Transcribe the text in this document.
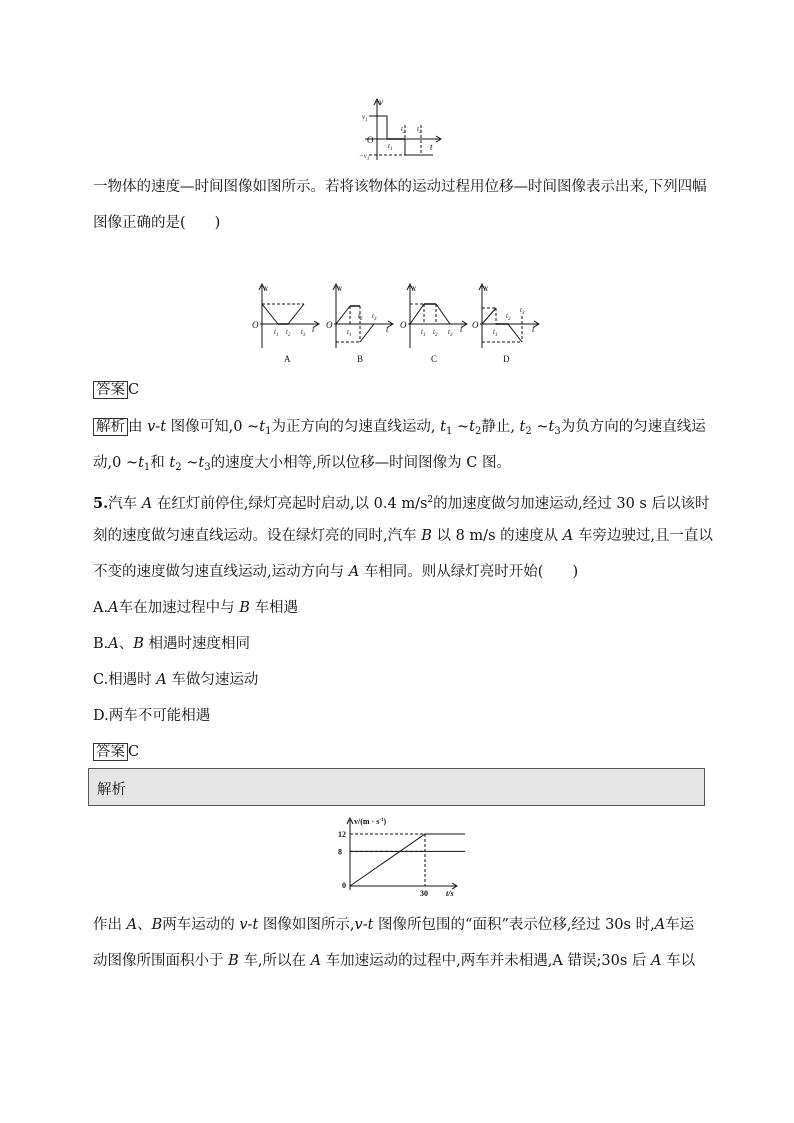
v
t
O
$v_1$
$-v_1$
$t_1$
$t_2$ $t_3$
一物体的速度—时间图像如图所示。若将该物体的运动过程用位移—时间图像表示出来,下列四幅
图像正确的是(　　)
x
t
O
x
t
O
x
t
O
x
t
O
A	B	C	D
$t_1$ $t_2$ $t_3$	$t_1$
$t_2$ $t_3$
$t_1$ $t_2$ $t_3$	$t_1$
$t_2$
$t_3$
答案 C
解析 由 v-t 图像可知,0 $\sim t_1$为正方向的匀速直线运动, $t_1$ $\sim t_2$静止, $t_2$ $\sim t_3$为负方向的匀速直线运
动,0 $\sim t_1$和 $t_2$ $\sim t_3$的速度大小相等,所以位移—时间图像为 C 图。
5.汽车 A 在红灯前停住,绿灯亮起时启动,以 0.4 $m/s^2$的加速度做匀加速运动,经过 30 s 后以该时
刻的速度做匀速直线运动。设在绿灯亮的同时,汽车 B 以 8 m/s 的速度从 A 车旁边驶过,且一直以
不变的速度做匀速直线运动,运动方向与 A 车相同。则从绿灯亮时开始(　　)
A.A车在加速过程中与 B 车相遇
B.A、B 相遇时速度相同
C.相遇时 A 车做匀速运动
D.两车不可能相遇
答案 C
解析
$v/(m \cdot s^{-1})$
t/s
0
8
12
30
作出 A、B两车运动的 v-t 图像如图所示,v-t 图像所包围的“面积”表示位移,经过 30s 时,A车运
动图像所围面积小于 B 车,所以在 A 车加速运动的过程中,两车并未相遇,A 错误;30s 后 A 车以
